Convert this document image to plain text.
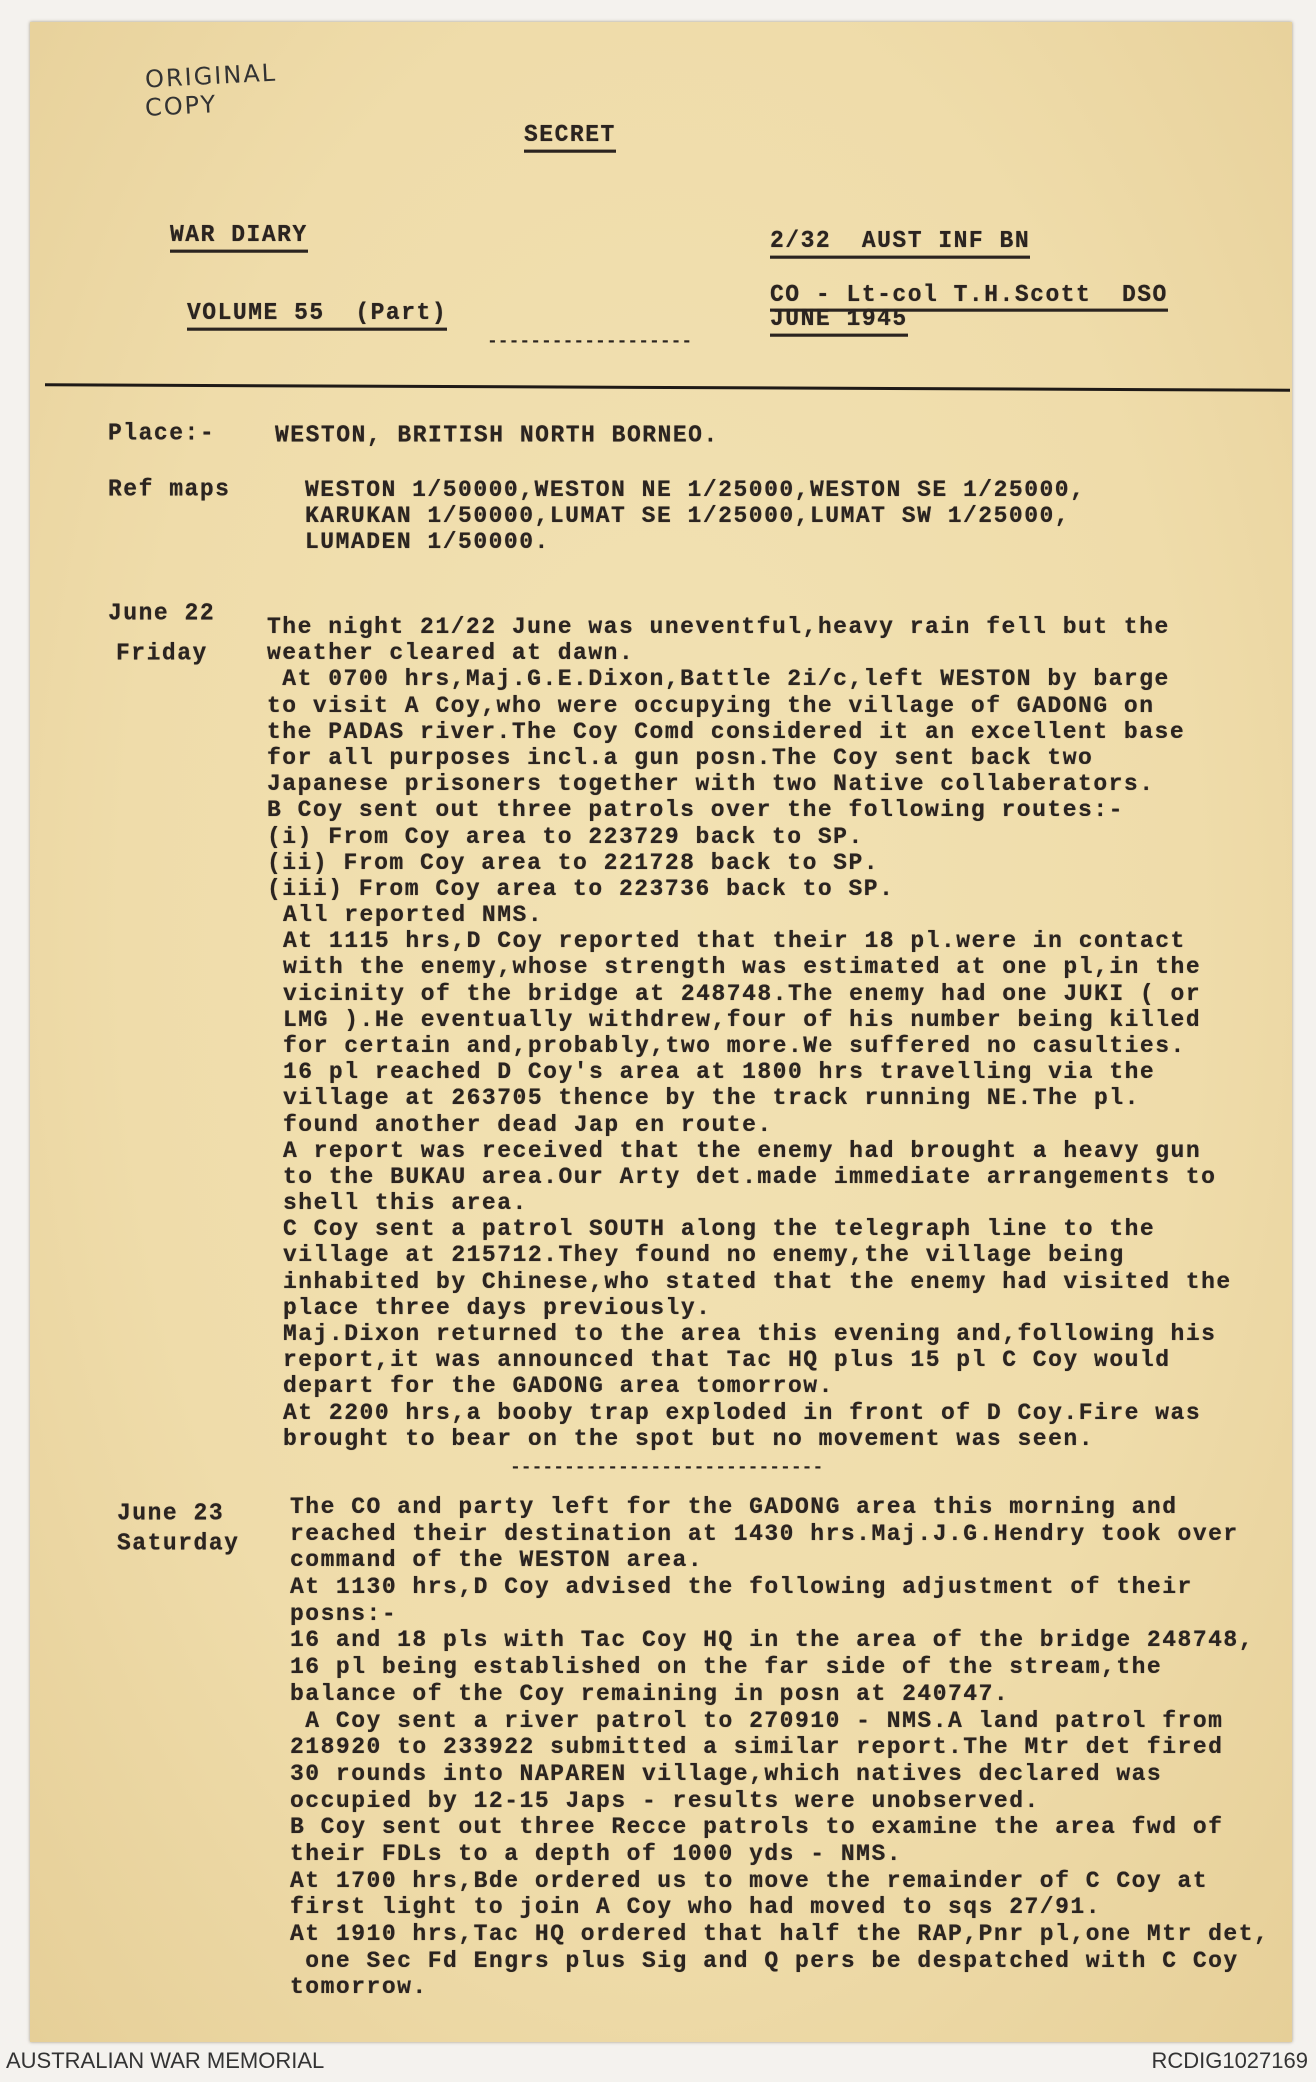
ORIGINAL
COPY
SECRET
WAR DIARY	2/32  AUST INF BN
VOLUME 55  (Part)
CO - Lt-col T.H.Scott  DSO
JUNE 1945
-------------------
Place:-	WESTON, BRITISH NORTH BORNEO.
Ref maps	WESTON 1/50000,WESTON NE 1/25000,WESTON SE 1/25000,
KARUKAN 1/50000,LUMAT SE 1/25000,LUMAT SW 1/25000,
LUMADEN 1/50000.
June 22
Friday
The night 21/22 June was uneventful,heavy rain fell but the
weather cleared at dawn.
At 0700 hrs,Maj.G.E.Dixon,Battle 2i/c,left WESTON by barge
to visit A Coy,who were occupying the village of GADONG on
the PADAS river.The Coy Comd considered it an excellent base
for all purposes incl.a gun posn.The Coy sent back two
Japanese prisoners together with two Native collaberators.
B Coy sent out three patrols over the following routes:-
(i) From Coy area to 223729 back to SP.
(ii) From Coy area to 221728 back to SP.
(iii) From Coy area to 223736 back to SP.
All reported NMS.
At 1115 hrs,D Coy reported that their 18 pl.were in contact
with the enemy,whose strength was estimated at one pl,in the
vicinity of the bridge at 248748.The enemy had one JUKI ( or
LMG ).He eventually withdrew,four of his number being killed
for certain and,probably,two more.We suffered no casulties.
16 pl reached D Coy's area at 1800 hrs travelling via the
village at 263705 thence by the track running NE.The pl.
found another dead Jap en route.
A report was received that the enemy had brought a heavy gun
to the BUKAU area.Our Arty det.made immediate arrangements to
shell this area.
C Coy sent a patrol SOUTH along the telegraph line to the
village at 215712.They found no enemy,the village being
inhabited by Chinese,who stated that the enemy had visited the
place three days previously.
Maj.Dixon returned to the area this evening and,following his
report,it was announced that Tac HQ plus 15 pl C Coy would
depart for the GADONG area tomorrow.
At 2200 hrs,a booby trap exploded in front of D Coy.Fire was
brought to bear on the spot but no movement was seen.
-----------------------------
June 23
Saturday
The CO and party left for the GADONG area this morning and
reached their destination at 1430 hrs.Maj.J.G.Hendry took over
command of the WESTON area.
At 1130 hrs,D Coy advised the following adjustment of their
posns:-
16 and 18 pls with Tac Coy HQ in the area of the bridge 248748,
16 pl being established on the far side of the stream,the
balance of the Coy remaining in posn at 240747.
A Coy sent a river patrol to 270910 - NMS.A land patrol from
218920 to 233922 submitted a similar report.The Mtr det fired
30 rounds into NAPAREN village,which natives declared was
occupied by 12-15 Japs - results were unobserved.
B Coy sent out three Recce patrols to examine the area fwd of
their FDLs to a depth of 1000 yds - NMS.
At 1700 hrs,Bde ordered us to move the remainder of C Coy at
first light to join A Coy who had moved to sqs 27/91.
At 1910 hrs,Tac HQ ordered that half the RAP,Pnr pl,one Mtr det,
one Sec Fd Engrs plus Sig and Q pers be despatched with C Coy
tomorrow.
AUSTRALIAN WAR MEMORIAL	RCDIG1027169
